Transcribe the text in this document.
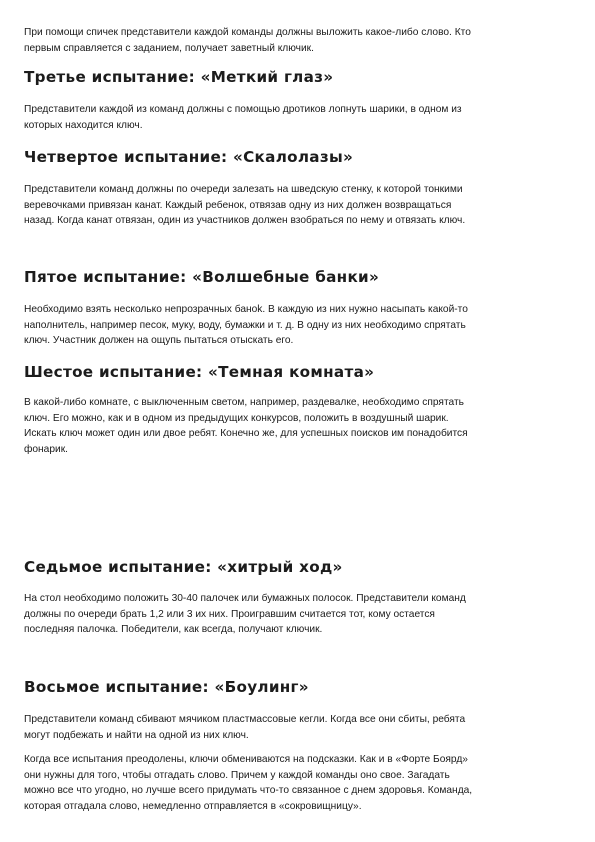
При помощи спичек представители каждой команды должны выложить какое-либо слово. Кто

первым справляется с заданием, получает заветный ключик.

Третье испытание: «Меткий глаз»

Представители каждой из команд должны с помощью дротиков лопнуть шарики, в одном из

которых находится ключ.

Четвертое испытание: «Скалолазы»

Представители команд должны по очереди залезать на шведскую стенку, к которой тонкими

веревочками привязан канат. Каждый ребенок, отвязав одну из них должен возвращаться

назад. Когда канат отвязан, один из участников должен взобраться по нему и отвязать ключ.

Пятое испытание: «Волшебные банки»

Необходимо взять несколько непрозрачных баноk. В каждую из них нужно насыпать какой-то

наполнитель, например песок, муку, воду, бумажки и т. д. В одну из них необходимо спрятать

ключ. Участник должен на ощупь пытаться отыскать его.

Шестое испытание: «Темная комната»

В какой-либо комнате, с выключенным светом, например, раздевалке, необходимо спрятать

ключ. Его можно, как и в одном из предыдущих конкурсов, положить в воздушный шарик.

Искать ключ может один или двое ребят. Конечно же, для успешных поисков им понадобится

фонарик.

Седьмое испытание: «хитрый ход»

На стол необходимо положить 30-40 палочек или бумажных полосок. Представители команд

должны по очереди брать 1,2 или 3 их них. Проигравшим считается тот, кому остается

последняя палочка. Победители, как всегда, получают ключик.

Восьмое испытание: «Боулинг»

Представители команд сбивают мячиком пластмассовые кегли. Когда все они сбиты, ребята

могут подбежать и найти на одной из них ключ.

Когда все испытания преодолены, ключи обмениваются на подсказки. Как и в «Форте Боярд»

они нужны для того, чтобы отгадать слово. Причем у каждой команды оно свое. Загадать

можно все что угодно, но лучше всего придумать что-то связанное с днем здоровья. Команда,

которая отгадала слово, немедленно отправляется в «сокровищницу».
